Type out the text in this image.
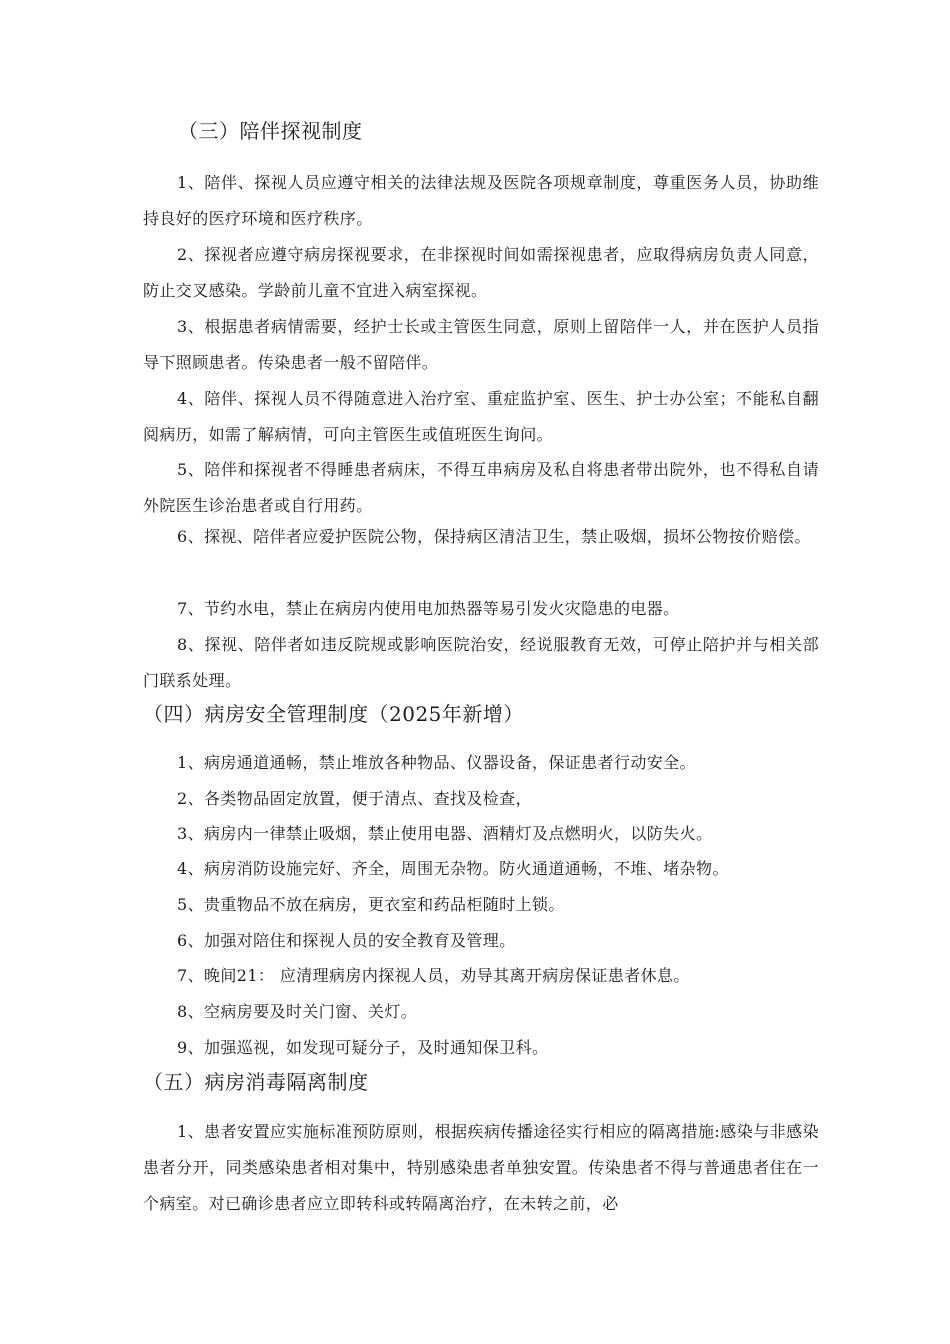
（三）陪伴探视制度
1、陪伴、探视人员应遵守相关的法律法规及医院各项规章制度，尊重医务人员，协助维持良好的医疗环境和医疗秩序。
2、探视者应遵守病房探视要求，在非探视时间如需探视患者，应取得病房负责人同意，防止交叉感染。学龄前儿童不宜进入病室探视。
3、根据患者病情需要，经护士长或主管医生同意，原则上留陪伴一人，并在医护人员指导下照顾患者。传染患者一般不留陪伴。
4、陪伴、探视人员不得随意进入治疗室、重症监护室、医生、护士办公室；不能私自翻阅病历，如需了解病情，可向主管医生或值班医生询问。
5、陪伴和探视者不得睡患者病床，不得互串病房及私自将患者带出院外，也不得私自请外院医生诊治患者或自行用药。
6、探视、陪伴者应爱护医院公物，保持病区清洁卫生，禁止吸烟，损坏公物按价赔偿。
7、节约水电，禁止在病房内使用电加热器等易引发火灾隐患的电器。
8、探视、陪伴者如违反院规或影响医院治安，经说服教育无效，可停止陪护并与相关部门联系处理。
（四）病房安全管理制度（2025年新增）
1、病房通道通畅，禁止堆放各种物品、仪器设备，保证患者行动安全。
2、各类物品固定放置，便于清点、查找及检查，
3、病房内一律禁止吸烟，禁止使用电器、酒精灯及点燃明火，以防失火。
4、病房消防设施完好、齐全，周围无杂物。防火通道通畅，不堆、堵杂物。
5、贵重物品不放在病房，更衣室和药品柜随时上锁。
6、加强对陪住和探视人员的安全教育及管理。
7、晚间21： 应清理病房内探视人员，劝导其离开病房保证患者休息。
8、空病房要及时关门窗、关灯。
9、加强巡视，如发现可疑分子，及时通知保卫科。
（五）病房消毒隔离制度
1、患者安置应实施标准预防原则，根据疾病传播途径实行相应的隔离措施:感染与非感染患者分开，同类感染患者相对集中，特别感染患者单独安置。传染患者不得与普通患者住在一个病室。对已确诊患者应立即转科或转隔离治疗，在未转之前，必
